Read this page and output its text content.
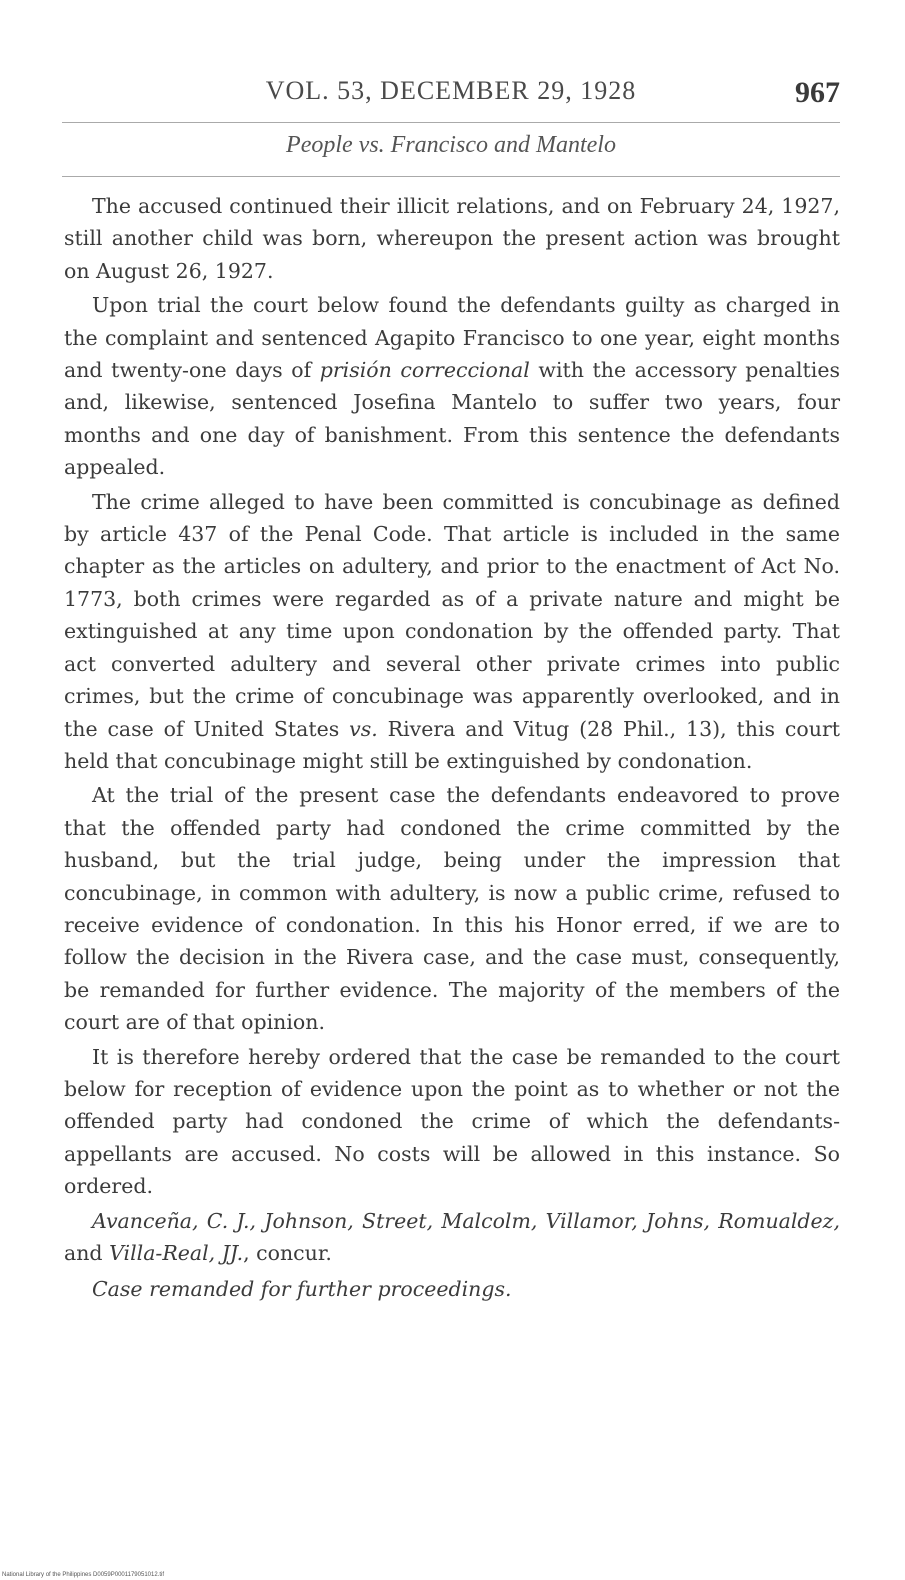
VOL. 53, DECEMBER 29, 1928	967
People vs. Francisco and Mantelo

The accused continued their illicit relations, and on February 24, 1927, still another child was born, whereupon the present action was brought on August 26, 1927.

Upon trial the court below found the defendants guilty as charged in the complaint and sentenced Agapito Francisco to one year, eight months and twenty-one days of prisión correccional with the accessory penalties and, likewise, sentenced Josefina Mantelo to suffer two years, four months and one day of banishment. From this sentence the defendants appealed.

The crime alleged to have been committed is concubinage as defined by article 437 of the Penal Code. That article is included in the same chapter as the articles on adultery, and prior to the enactment of Act No. 1773, both crimes were regarded as of a private nature and might be extinguished at any time upon condonation by the offended party. That act converted adultery and several other private crimes into public crimes, but the crime of concubinage was apparently overlooked, and in the case of United States vs. Rivera and Vitug (28 Phil., 13), this court held that concubinage might still be extinguished by condonation.

At the trial of the present case the defendants endeavored to prove that the offended party had condoned the crime committed by the husband, but the trial judge, being under the impression that concubinage, in common with adultery, is now a public crime, refused to receive evidence of condonation. In this his Honor erred, if we are to follow the decision in the Rivera case, and the case must, consequently, be remanded for further evidence. The majority of the members of the court are of that opinion.

It is therefore hereby ordered that the case be remanded to the court below for reception of evidence upon the point as to whether or not the offended party had condoned the crime of which the defendants-appellants are accused. No costs will be allowed in this instance. So ordered.

Avanceña, C. J., Johnson, Street, Malcolm, Villamor, Johns, Romualdez, and Villa-Real, JJ., concur.

Case remanded for further proceedings.

National Library of the Philippines D0059P0001179051012.tif
